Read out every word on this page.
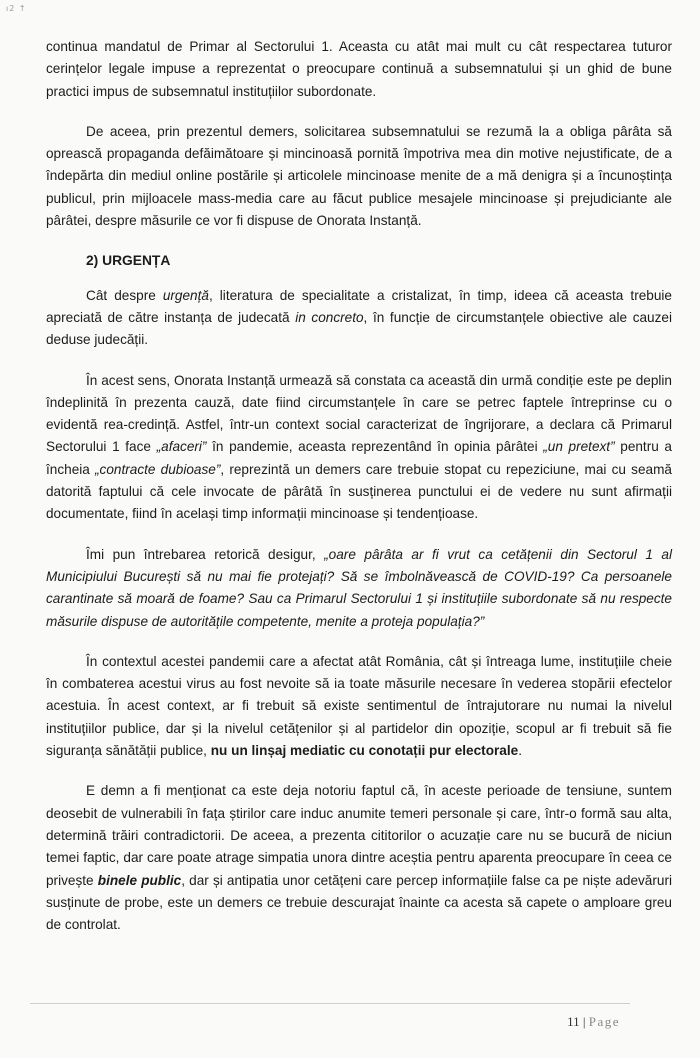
ı2 ↑

continua mandatul de Primar al Sectorului 1. Aceasta cu atât mai mult cu cât respectarea tuturor cerințelor legale impuse a reprezentat o preocupare continuă a subsemnatului și un ghid de bune practici impus de subsemnatul instituțiilor subordonate.

De aceea, prin prezentul demers, solicitarea subsemnatului se rezumă la a obliga pârâta să oprească propaganda defăimătoare și mincinoasă pornită împotriva mea din motive nejustificate, de a îndepărta din mediul online postările și articolele mincinoase menite de a mă denigra și a încunoștința publicul, prin mijloacele mass-media care au făcut publice mesajele mincinoase și prejudiciante ale pârâtei, despre măsurile ce vor fi dispuse de Onorata Instanță.

2) URGENȚA

Cât despre urgență, literatura de specialitate a cristalizat, în timp, ideea că aceasta trebuie apreciată de către instanța de judecată in concreto, în funcție de circumstanțele obiective ale cauzei deduse judecății.

În acest sens, Onorata Instanță urmează să constata ca această din urmă condiție este pe deplin îndeplinită în prezenta cauză, date fiind circumstanțele în care se petrec faptele întreprinse cu o evidentă rea-credință. Astfel, într-un context social caracterizat de îngrijorare, a declara că Primarul Sectorului 1 face „afaceri” în pandemie, aceasta reprezentând în opinia pârâtei „un pretext” pentru a încheia „contracte dubioase”, reprezintă un demers care trebuie stopat cu repeziciune, mai cu seamă datorită faptului că cele invocate de pârâtă în susținerea punctului ei de vedere nu sunt afirmații documentate, fiind în același timp informații mincinoase și tendențioase.

Îmi pun întrebarea retorică desigur, „oare pârâta ar fi vrut ca cetățenii din Sectorul 1 al Municipiului București să nu mai fie protejați? Să se îmbolnăvească de COVID-19? Ca persoanele carantinate să moară de foame? Sau ca Primarul Sectorului 1 și instituțiile subordonate să nu respecte măsurile dispuse de autoritățile competente, menite a proteja populația?”

În contextul acestei pandemii care a afectat atât România, cât și întreaga lume, instituțiile cheie în combaterea acestui virus au fost nevoite să ia toate măsurile necesare în vederea stopării efectelor acestuia. În acest context, ar fi trebuit să existe sentimentul de întrajutorare nu numai la nivelul instituțiilor publice, dar și la nivelul cetățenilor și al partidelor din opoziție, scopul ar fi trebuit să fie siguranța sănătății publice, nu un linșaj mediatic cu conotații pur electorale.

E demn a fi menționat ca este deja notoriu faptul că, în aceste perioade de tensiune, suntem deosebit de vulnerabili în fața știrilor care induc anumite temeri personale și care, într-o formă sau alta, determină trăiri contradictorii. De aceea, a prezenta cititorilor o acuzație care nu se bucură de niciun temei faptic, dar care poate atrage simpatia unora dintre aceștia pentru aparenta preocupare în ceea ce privește binele public, dar și antipatia unor cetățeni care percep informațiile false ca pe niște adevăruri susținute de probe, este un demers ce trebuie descurajat înainte ca acesta să capete o amploare greu de controlat.

11 | Page
